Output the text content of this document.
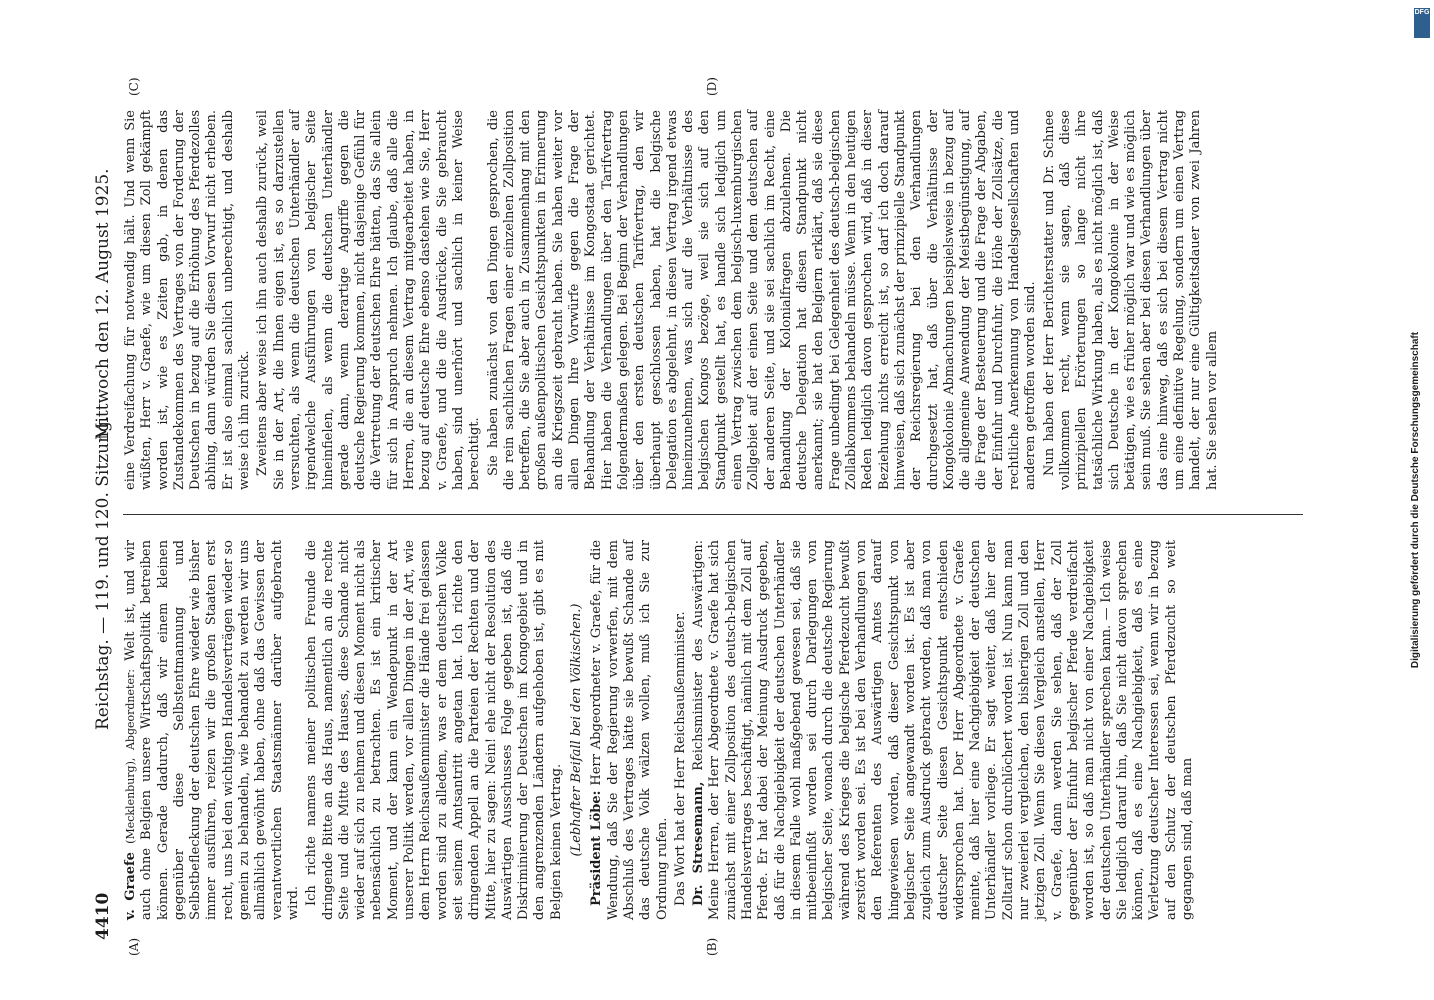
4410
Reichstag. — 119. und 120. Sitzung.
Mittwoch den 12. August 1925.
(A)	(B)
(C)	(D)

v. Graefe (Mecklenburg), Abgeordneter: Welt ist, und wir auch ohne Belgien unsere Wirtschaftspolitik betreiben können. Gerade dadurch, daß wir einem kleinen gegenüber diese Selbstentmannung und Selbstbefleckung der deutschen Ehre wieder wie bisher immer ausführen, reizen wir die großen Staaten erst recht, uns bei den wichtigen Handelsverträgen wieder so gemein zu behandeln, wie behandelt zu werden wir uns allmählich gewöhnt haben, ohne daß das Gewissen der verantwortlichen Staatsmänner darüber aufgebracht wird. Ich richte namens meiner politischen Freunde die dringende Bitte an das Haus, namentlich an die rechte Seite und die Mitte des Hauses, diese Schande nicht wieder auf sich zu nehmen und diesen Moment nicht als nebensächlich zu betrachten. Es ist ein kritischer Moment, und der kann ein Wendepunkt in der Art unserer Politik werden, vor allen Dingen in der Art, wie dem Herrn Reichsaußenminister die Hände frei gelassen worden sind zu alledem, was er dem deutschen Volke seit seinem Amtsantritt angetan hat. Ich richte den dringenden Appell an die Parteien der Rechten und der Mitte, hier zu sagen: Nein! ehe nicht der Resolution des Auswärtigen Ausschusses Folge gegeben ist, daß die Diskriminierung der Deutschen im Kongogebiet und in den angrenzenden Ländern aufgehoben ist, gibt es mit Belgien keinen Vertrag. (Lebhafter Beifall bei den Völkischen.) Präsident Löbe: Herr Abgeordneter v. Graefe, für die Wendung, daß Sie der Regierung vorwerfen, mit dem Abschluß des Vertrages hätte sie bewußt Schande auf das deutsche Volk wälzen wollen, muß ich Sie zur Ordnung rufen. Das Wort hat der Herr Reichsaußenminister. Dr. Stresemann, Reichsminister des Auswärtigen: Meine Herren, der Herr Abgeordnete v. Graefe hat sich zunächst mit einer Zollposition des deutsch-belgischen Handelsvertrages beschäftigt, nämlich mit dem Zoll auf Pferde. Er hat dabei der Meinung Ausdruck gegeben, daß für die Nachgiebigkeit der deutschen Unterhändler in diesem Falle wohl maßgebend gewesen sei, daß sie mitbeeinflußt worden sei durch Darlegungen von belgischer Seite, wonach durch die deutsche Regierung während des Krieges die belgische Pferdezucht bewußt zerstört worden sei. Es ist bei den Verhandlungen von den Referenten des Auswärtigen Amtes darauf hingewiesen worden, daß dieser Gesichtspunkt von belgischer Seite angewandt worden ist. Es ist aber zugleich zum Ausdruck gebracht worden, daß man von deutscher Seite diesen Gesichtspunkt entschieden widersprochen hat. Der Herr Abgeordnete v. Graefe meinte, daß hier eine Nachgiebigkeit der deutschen Unterhändler vorliege. Er sagt weiter, daß hier der Zolltarif schon durchlöchert worden ist. Nun kann man nur zweierlei vergleichen, den bisherigen Zoll und den jetzigen Zoll. Wenn Sie diesen Vergleich anstellen, Herr v. Graefe, dann werden Sie sehen, daß der Zoll gegenüber der Einfuhr belgischer Pferde verdreifacht worden ist, so daß man nicht von einer Nachgiebigkeit der deutschen Unterhändler sprechen kann. — Ich weise Sie lediglich darauf hin, daß Sie nicht davon sprechen können, daß es eine Nachgiebigkeit, daß es eine Verletzung deutscher Interessen sei, wenn wir in bezug auf den Schutz der deutschen Pferdezucht so weit gegangen sind, daß man

eine Verdreifachung für notwendig hält. Und wenn Sie wüßten, Herr v. Graefe, wie um diesen Zoll gekämpft worden ist, wie es Zeiten gab, in denen das Zustandekommen des Vertrages von der Forderung der Deutschen in bezug auf die Erhöhung des Pferdezolles abhing, dann würden Sie diesen Vorwurf nicht erheben. Er ist also einmal sachlich unberechtigt, und deshalb weise ich ihn zurück. Zweitens aber weise ich ihn auch deshalb zurück, weil Sie in der Art, die Ihnen eigen ist, es so darzustellen versuchten, als wenn die deutschen Unterhändler auf irgendwelche Ausführungen von belgischer Seite hineinfielen, als wenn die deutschen Unterhändler gerade dann, wenn derartige Angriffe gegen die deutsche Regierung kommen, nicht dasjenige Gefühl für die Vertretung der deutschen Ehre hätten, das Sie allein für sich in Anspruch nehmen. Ich glaube, daß alle die Herren, die an diesem Vertrag mitgearbeitet haben, in bezug auf deutsche Ehre ebenso dastehen wie Sie, Herr v. Graefe, und die die Ausdrücke, die Sie gebraucht haben, sind unerhört und sachlich in keiner Weise berechtigt. Sie haben zunächst von den Dingen gesprochen, die die rein sachlichen Fragen einer einzelnen Zollposition betreffen, die Sie aber auch in Zusammenhang mit den großen außenpolitischen Gesichtspunkten in Erinnerung an die Kriegszeit gebracht haben. Sie haben weiter vor allen Dingen Ihre Vorwürfe gegen die Frage der Behandlung der Verhältnisse im Kongostaat gerichtet. Hier haben die Verhandlungen über den Tarifvertrag folgendermaßen gelegen. Bei Beginn der Verhandlungen über den ersten deutschen Tarifvertrag, den wir überhaupt geschlossen haben, hat die belgische Delegation es abgelehnt, in diesen Vertrag irgend etwas hineinzunehmen, was sich auf die Verhältnisse des belgischen Kongos bezöge, weil sie sich auf den Standpunkt gestellt hat, es handle sich lediglich um einen Vertrag zwischen dem belgisch-luxemburgischen Zollgebiet auf der einen Seite und dem deutschen auf der anderen Seite, und sie sei sachlich im Recht, eine Behandlung der Kolonialfragen abzulehnen. Die deutsche Delegation hat diesen Standpunkt nicht anerkannt; sie hat den Belgiern erklärt, daß sie diese Frage unbedingt bei Gelegenheit des deutsch-belgischen Zollabkommens behandeln müsse. Wenn in den heutigen Reden lediglich davon gesprochen wird, daß in dieser Beziehung nichts erreicht ist, so darf ich doch darauf hinweisen, daß sich zunächst der prinzipielle Standpunkt der Reichsregierung bei den Verhandlungen durchgesetzt hat, daß über die Verhältnisse der Kongokolonie Abmachungen beispielsweise in bezug auf die allgemeine Anwendung der Meistbegünstigung, auf die Frage der Besteuerung und die Frage der Abgaben, der Einfuhr und Durchfuhr, die Höhe der Zollsätze, die rechtliche Anerkennung von Handelsgesellschaften und anderen getroffen worden sind. Nun haben der Herr Berichterstatter und Dr. Schnee vollkommen recht, wenn sie sagen, daß diese prinzipiellen Erörterungen so lange nicht ihre tatsächliche Wirkung haben, als es nicht möglich ist, daß sich Deutsche in der Kongokolonie in der Weise betätigen, wie es früher möglich war und wie es möglich sein muß. Sie sehen aber bei diesen Verhandlungen über das eine hinweg, daß es sich bei diesem Vertrag nicht um eine definitive Regelung, sondern um einen Vertrag handelt, der nur eine Gültigkeitsdauer von zwei Jahren hat. Sie sehen vor allem

DFG
Digitalisierung gefördert durch die Deutsche Forschungsgemeinschaft
